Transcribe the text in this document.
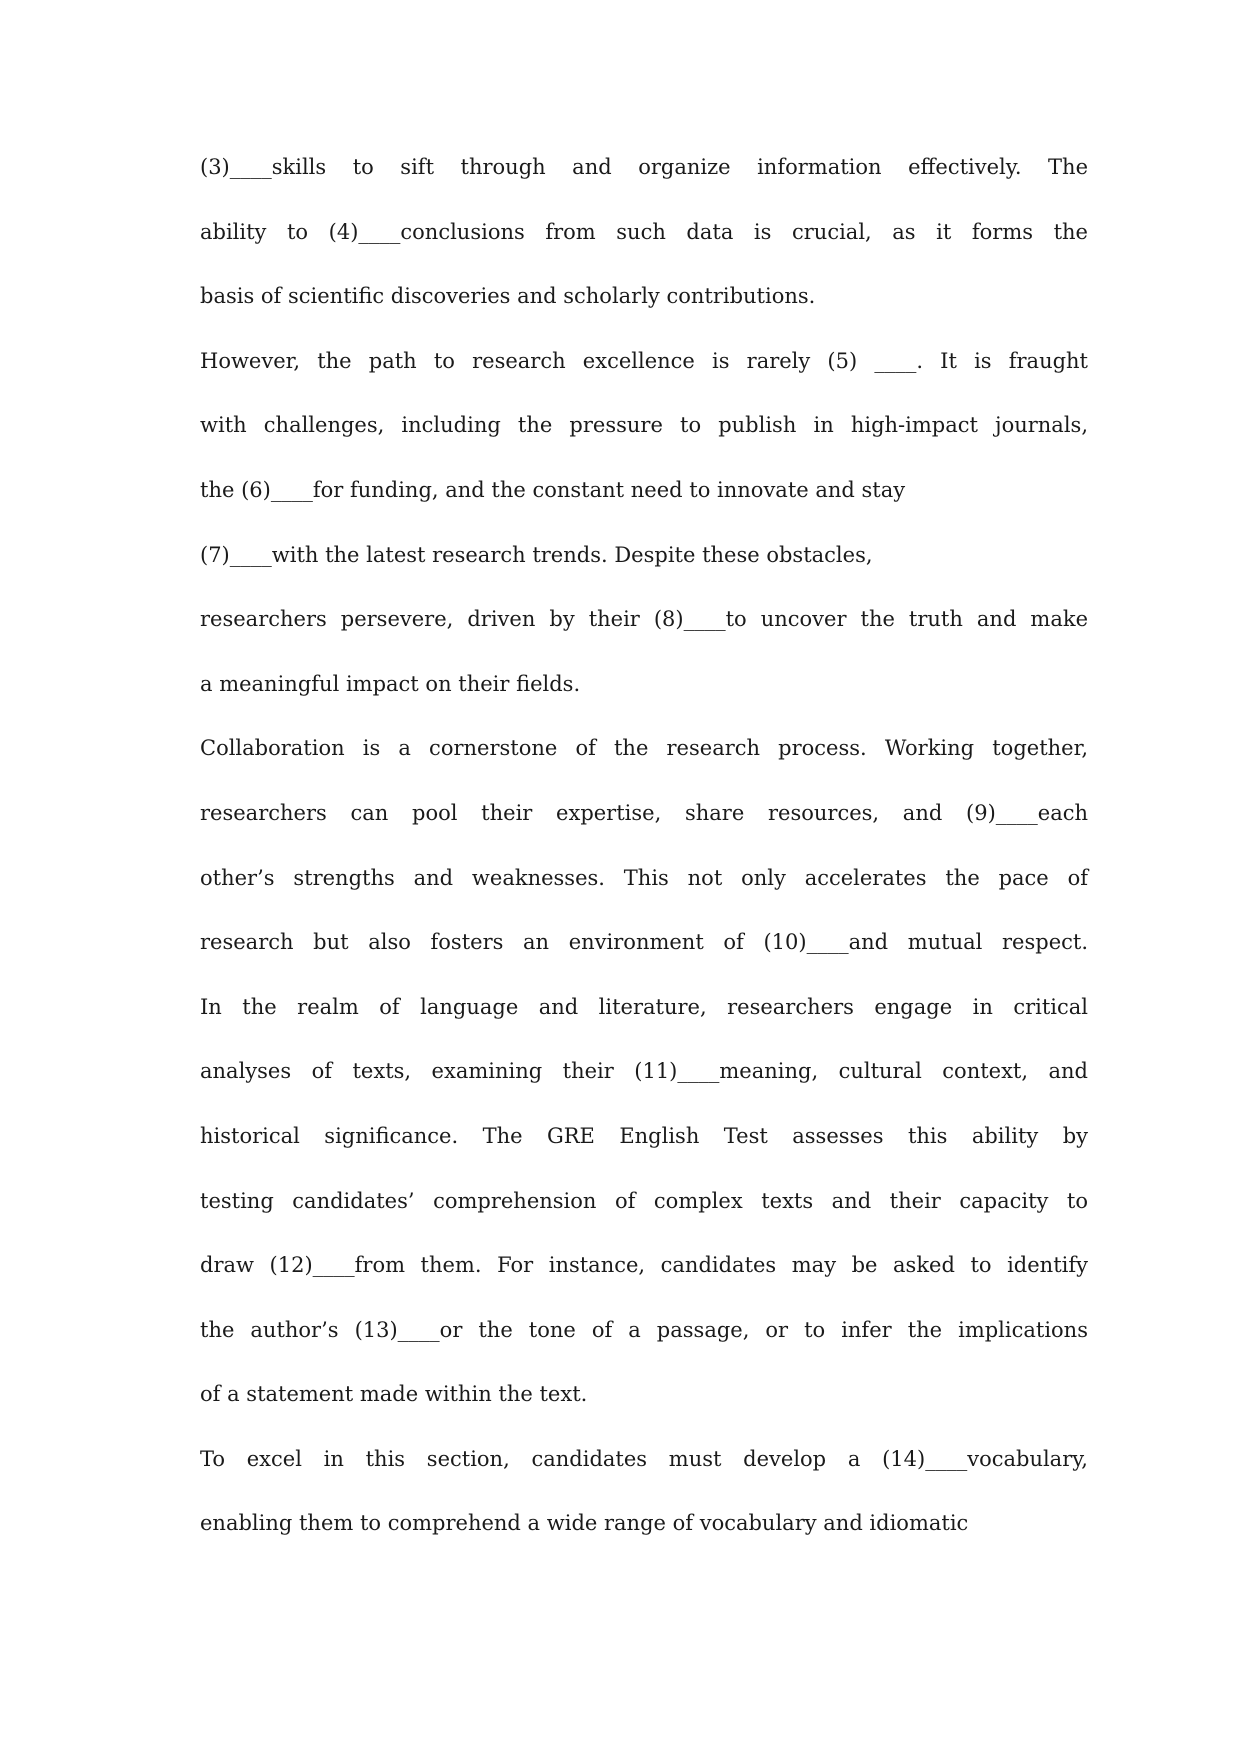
(3)____skills to sift through and organize information effectively. The
ability to (4)____conclusions from such data is crucial, as it forms the
basis of scientific discoveries and scholarly contributions.
However, the path to research excellence is rarely (5) ____. It is fraught
with challenges, including the pressure to publish in high-impact journals,
the (6)____for funding, and the constant need to innovate and stay
(7)____with the latest research trends. Despite these obstacles,
researchers persevere, driven by their (8)____to uncover the truth and make
a meaningful impact on their fields.
Collaboration is a cornerstone of the research process. Working together,
researchers can pool their expertise, share resources, and (9)____each
other’s strengths and weaknesses. This not only accelerates the pace of
research but also fosters an environment of (10)____and mutual respect.
In the realm of language and literature, researchers engage in critical
analyses of texts, examining their (11)____meaning, cultural context, and
historical significance. The GRE English Test assesses this ability by
testing candidates’ comprehension of complex texts and their capacity to
draw (12)____from them. For instance, candidates may be asked to identify
the author’s (13)____or the tone of a passage, or to infer the implications
of a statement made within the text.
To excel in this section, candidates must develop a (14)____vocabulary,
enabling them to comprehend a wide range of vocabulary and idiomatic
